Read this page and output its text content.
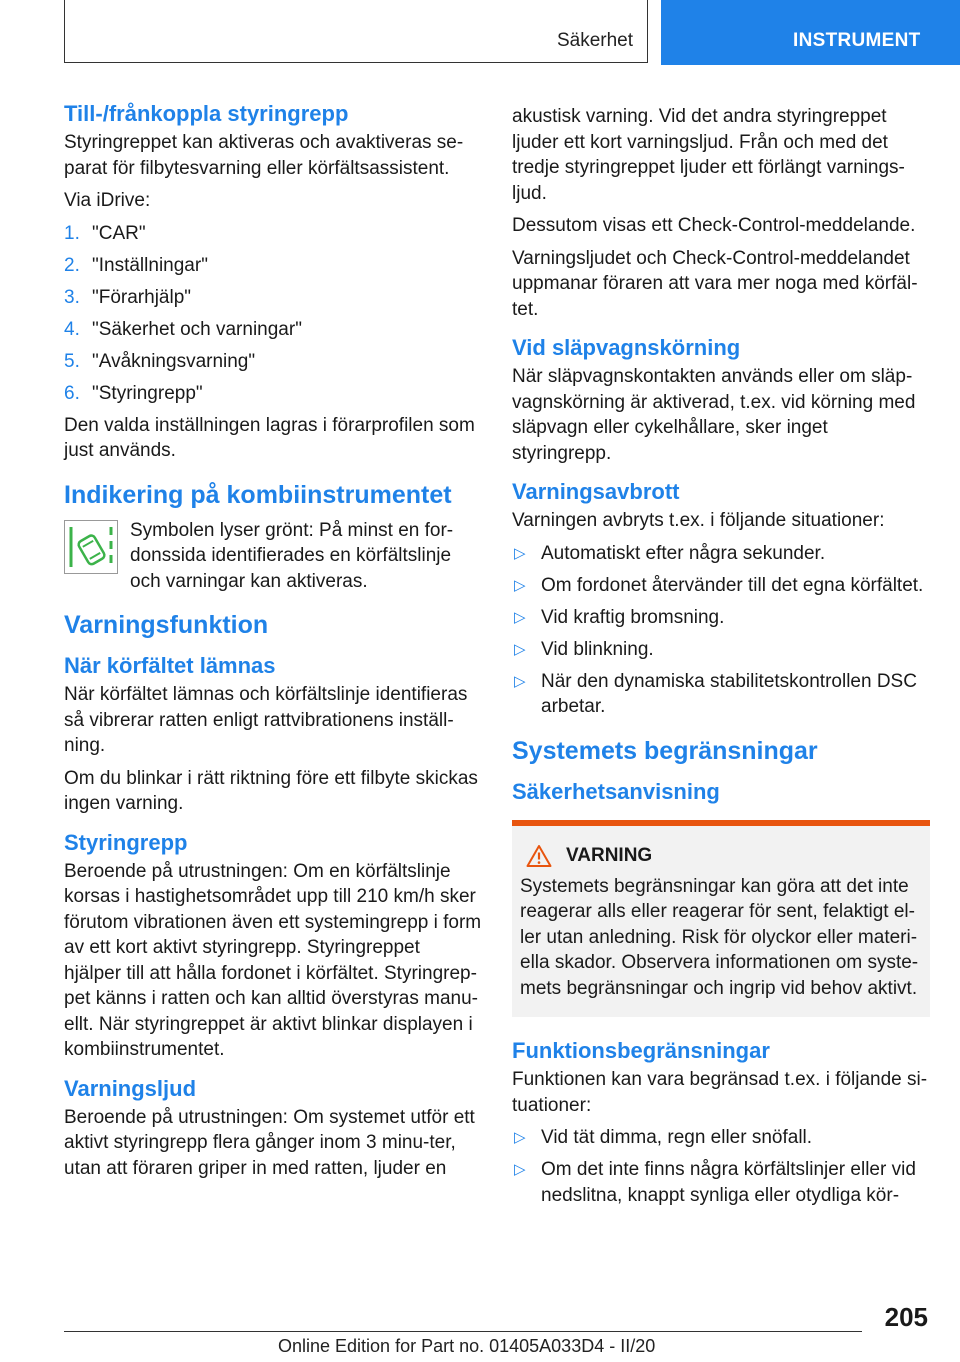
Säkerhet	INSTRUMENT
Till-/frånkoppla styringrepp

Styringreppet kan aktiveras och avaktiveras se-parat för filbytesvarning eller körfältsassistent.

Via iDrive:

1. "CAR"
2. "Inställningar"
3. "Förarhjälp"
4. "Säkerhet och varningar"
5. "Avåkningsvarning"
6. "Styringrepp"

Den valda inställningen lagras i förarprofilen som just används.

Indikering på kombiinstrumentet

Symbolen lyser grönt: På minst en for-donssida identifierades en körfältslinje och varningar kan aktiveras.

Varningsfunktion
När körfältet lämnas

När körfältet lämnas och körfältslinje identifieras så vibrerar ratten enligt rattvibrationens inställ-ning.

Om du blinkar i rätt riktning före ett filbyte skickas ingen varning.

Styringrepp

Beroende på utrustningen: Om en körfältslinje korsas i hastighetsområdet upp till 210 km/h sker förutom vibrationen även ett systemingrepp i form av ett kort aktivt styringrepp. Styringreppet hjälper till att hålla fordonet i körfältet. Styringrep-pet känns i ratten och kan alltid överstyras manu-ellt. När styringreppet är aktivt blinkar displayen i kombiinstrumentet.

Varningsljud

Beroende på utrustningen: Om systemet utför ett aktivt styringrepp flera gånger inom 3 minu-ter, utan att föraren griper in med ratten, ljuder en

akustisk varning. Vid det andra styringreppet ljuder ett kort varningsljud. Från och med det tredje styringreppet ljuder ett förlängt varnings-ljud.

Dessutom visas ett Check-Control-meddelande.

Varningsljudet och Check-Control-meddelandet uppmanar föraren att vara mer noga med körfäl-tet.

Vid släpvagnskörning

När släpvagnskontakten används eller om släp-vagnskörning är aktiverad, t.ex. vid körning med släpvagn eller cykelhållare, sker inget styringrepp.

Varningsavbrott

Varningen avbryts t.ex. i följande situationer:

▷ Automatiskt efter några sekunder.
▷ Om fordonet återvänder till det egna körfältet.
▷ Vid kraftig bromsning.
▷ Vid blinkning.
▷ När den dynamiska stabilitetskontrollen DSC arbetar.
Systemets begränsningar
Säkerhetsanvisning
VARNING

Systemets begränsningar kan göra att det inte reagerar alls eller reagerar för sent, felaktigt el-ler utan anledning. Risk för olyckor eller materi-ella skador. Observera informationen om syste-mets begränsningar och ingrip vid behov aktivt.

Funktionsbegränsningar

Funktionen kan vara begränsad t.ex. i följande si-tuationer:

▷ Vid tät dimma, regn eller snöfall.
▷ Om det inte finns några körfältslinjer eller vid nedslitna, knappt synliga eller otydliga kör-
205
Online Edition for Part no. 01405A033D4 - II/20
